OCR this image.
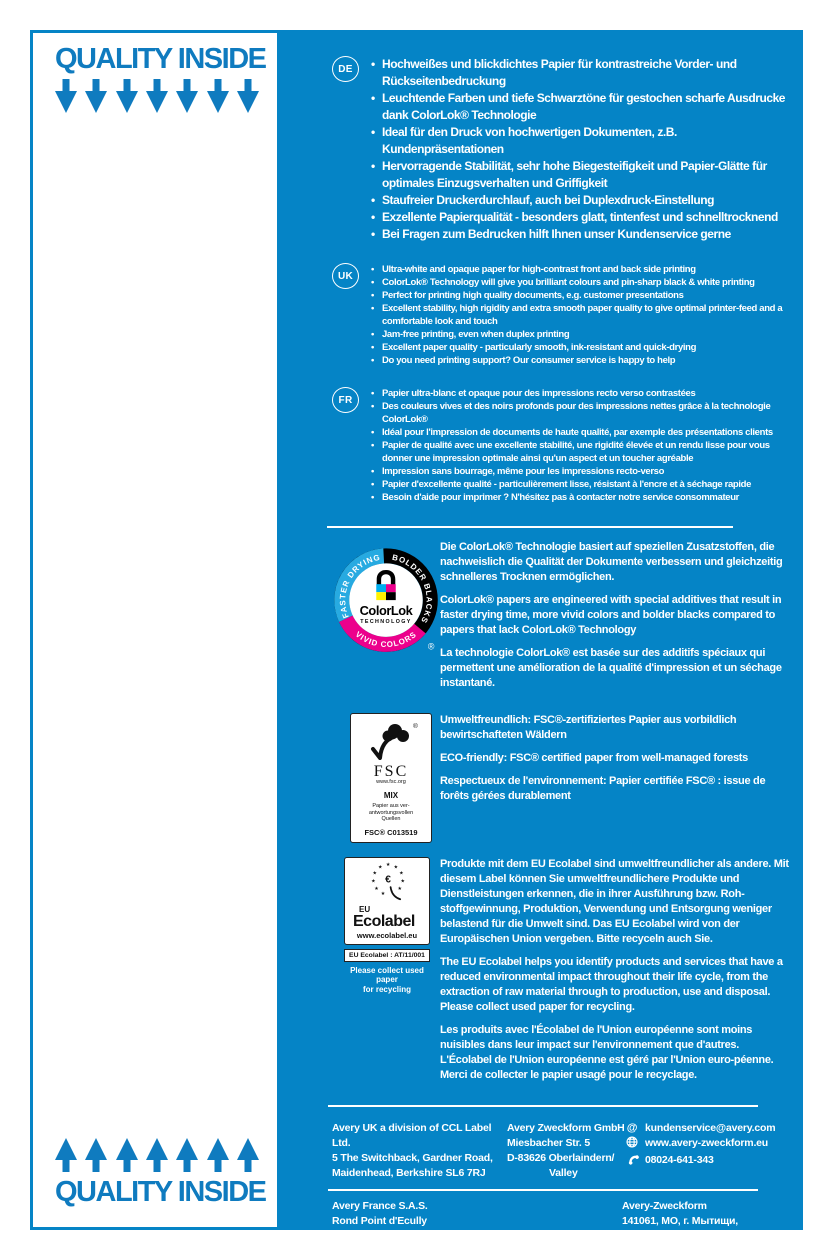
QUALITY INSIDE
QUALITY INSIDE
DE	• Hochweißes und blickdichtes Papier für kontrastreiche Vorder- und Rückseitenbedruckung
• Leuchtende Farben und tiefe Schwarztöne für gestochen scharfe Ausdrucke dank ColorLok® Technologie
• Ideal für den Druck von hochwertigen Dokumenten, z.B. Kundenpräsentationen
• Hervorragende Stabilität, sehr hohe Biegesteifigkeit und Papier-Glätte für optimales Einzugsverhalten und Griffigkeit
• Staufreier Druckerdurchlauf, auch bei Duplexdruck-Einstellung
• Exzellente Papierqualität - besonders glatt, tintenfest und schnelltrocknend
• Bei Fragen zum Bedrucken hilft Ihnen unser Kundenservice gerne
UK
• Ultra-white and opaque paper for high-contrast front and back side printing
• ColorLok® Technology will give you brilliant colours and pin-sharp black & white printing
• Perfect for printing high quality documents, e.g. customer presentations
• Excellent stability, high rigidity and extra smooth paper quality to give optimal printer-feed and a comfortable look and touch
• Jam-free printing, even when duplex printing
• Excellent paper quality - particularly smooth, ink-resistant and quick-drying
• Do you need printing support? Our consumer service is happy to help
FR
• Papier ultra-blanc et opaque pour des impressions recto verso contrastées
• Des couleurs vives et des noirs profonds pour des impressions nettes grâce à la technologie ColorLok®
• Idéal pour l'impression de documents de haute qualité, par exemple des présentations clients
• Papier de qualité avec une excellente stabilité, une rigidité élevée et un rendu lisse pour vous donner une impression optimale ainsi qu'un aspect et un toucher agréable
• Impression sans bourrage, même pour les impressions recto-verso
• Papier d'excellente qualité - particulièrement lisse, résistant à l'encre et à séchage rapide
• Besoin d'aide pour imprimer ? N'hésitez pas à contacter notre service consommateur
FASTER DRYING BOLDER BLACKS
VIVID COLORS
ColorLok
TECHNOLOGY
®

Die ColorLok® Technologie basiert auf speziellen Zusatzstoffen, die nachweislich die Qualität der Dokumente verbessern und gleichzeitig schnelleres Trocknen ermöglichen.

ColorLok® papers are engineered with special additives that result in faster drying time, more vivid colors and bolder blacks compared to papers that lack ColorLok® Technology

La technologie ColorLok® est basée sur des additifs spéciaux qui permettent une amélioration de la qualité d'impression et un séchage instantané.

®
FSC
www.fsc.org
MIX
Papier aus ver-
antwortungsvollen
Quellen
FSC® C013519

Umweltfreundlich: FSC®-zertifiziertes Papier aus vorbildlich bewirtschafteten Wäldern

ECO-friendly: FSC® certified paper from well-managed forests

Respectueux de l'environnement: Papier certifiée FSC® : issue de forêts gérées durablement

★ ★
★
★
★
★
★
★
★
★
€
EU
Ecolabel
www.ecolabel.eu
EU Ecolabel : AT/11/001
Please collect used paper
for recycling

Produkte mit dem EU Ecolabel sind umweltfreundlicher als andere. Mit diesem Label können Sie umweltfreundlichere Produkte und Dienstleistungen erkennen, die in ihrer Ausführung bzw. Roh-stoffgewinnung, Produktion, Verwendung und Entsorgung weniger belastend für die Umwelt sind. Das EU Ecolabel wird von der Europäischen Union vergeben. Bitte recyceln auch Sie.

The EU Ecolabel helps you identify products and services that have a reduced environmental impact throughout their life cycle, from the extraction of raw material through to production, use and disposal. Please collect used paper for recycling.

Les produits avec l'Écolabel de l'Union européenne sont moins nuisibles dans leur impact sur l'environnement que d'autres. L'Écolabel de l'Union européenne est géré par l'Union euro-péenne. Merci de collecter le papier usagé pour le recyclage.

Avery UK a division of CCL Label Ltd.
5 The Switchback, Gardner Road,
Maidenhead, Berkshire SL6 7RJ
Avery Zweckform GmbH
Miesbacher Str. 5
D-83626 Oberlaindern/
Valley
@ kundenservice@avery.com
www.avery-zweckform.eu
08024-641-343
Avery France S.A.S.
Rond Point d'Ecully
1 chemin Jean Marie Vianney, 69130 Ecully
Avery-Zweckform
141061, МО, г. Мытищи,
Осташковское шоссе, д.70Г
